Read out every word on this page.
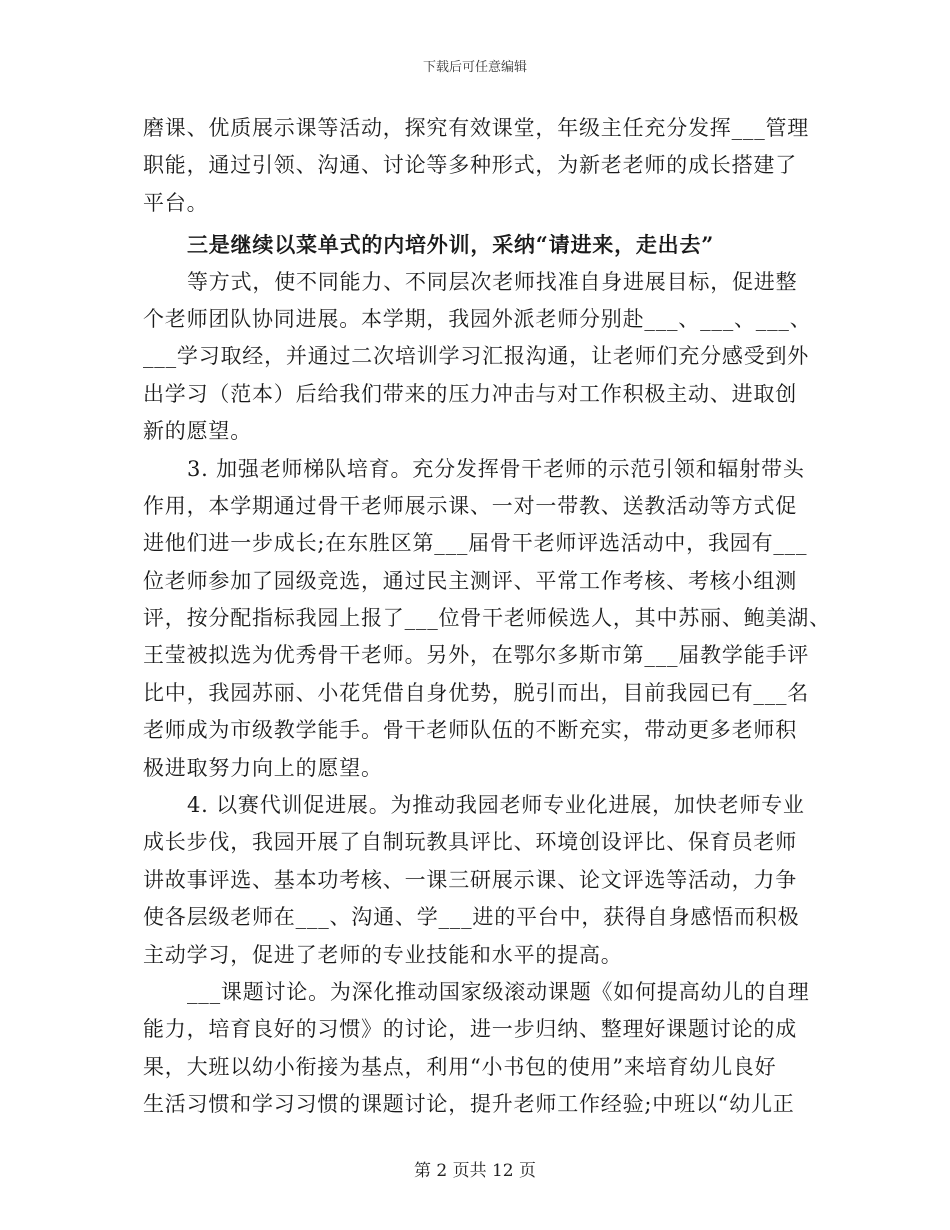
下载后可任意编辑
磨课、优质展示课等活动，探究有效课堂，年级主任充分发挥___管理
职能，通过引领、沟通、讨论等多种形式，为新老老师的成长搭建了
平台。
三是继续以菜单式的内培外训，采纳“请进来，走出去”
等方式，使不同能力、不同层次老师找准自身进展目标，促进整
个老师团队协同进展。本学期，我园外派老师分别赴___、___、___、
___学习取经，并通过二次培训学习汇报沟通，让老师们充分感受到外
出学习（范本）后给我们带来的压力冲击与对工作积极主动、进取创
新的愿望。
3. 加强老师梯队培育。充分发挥骨干老师的示范引领和辐射带头
作用，本学期通过骨干老师展示课、一对一带教、送教活动等方式促
进他们进一步成长;在东胜区第___届骨干老师评选活动中，我园有___
位老师参加了园级竞选，通过民主测评、平常工作考核、考核小组测
评，按分配指标我园上报了___位骨干老师候选人，其中苏丽、鲍美湖、
王莹被拟选为优秀骨干老师。另外，在鄂尔多斯市第___届教学能手评
比中，我园苏丽、小花凭借自身优势，脱引而出，目前我园已有___名
老师成为市级教学能手。骨干老师队伍的不断充实，带动更多老师积
极进取努力向上的愿望。
4. 以赛代训促进展。为推动我园老师专业化进展，加快老师专业
成长步伐，我园开展了自制玩教具评比、环境创设评比、保育员老师
讲故事评选、基本功考核、一课三研展示课、论文评选等活动，力争
使各层级老师在___、沟通、学___进的平台中，获得自身感悟而积极
主动学习，促进了老师的专业技能和水平的提高。
___课题讨论。为深化推动国家级滚动课题《如何提高幼儿的自理
能力，培育良好的习惯》的讨论，进一步归纳、整理好课题讨论的成
果，大班以幼小衔接为基点，利用“小书包的使用”来培育幼儿良好
生活习惯和学习习惯的课题讨论，提升老师工作经验;中班以“幼儿正
第 2 页共 12 页
